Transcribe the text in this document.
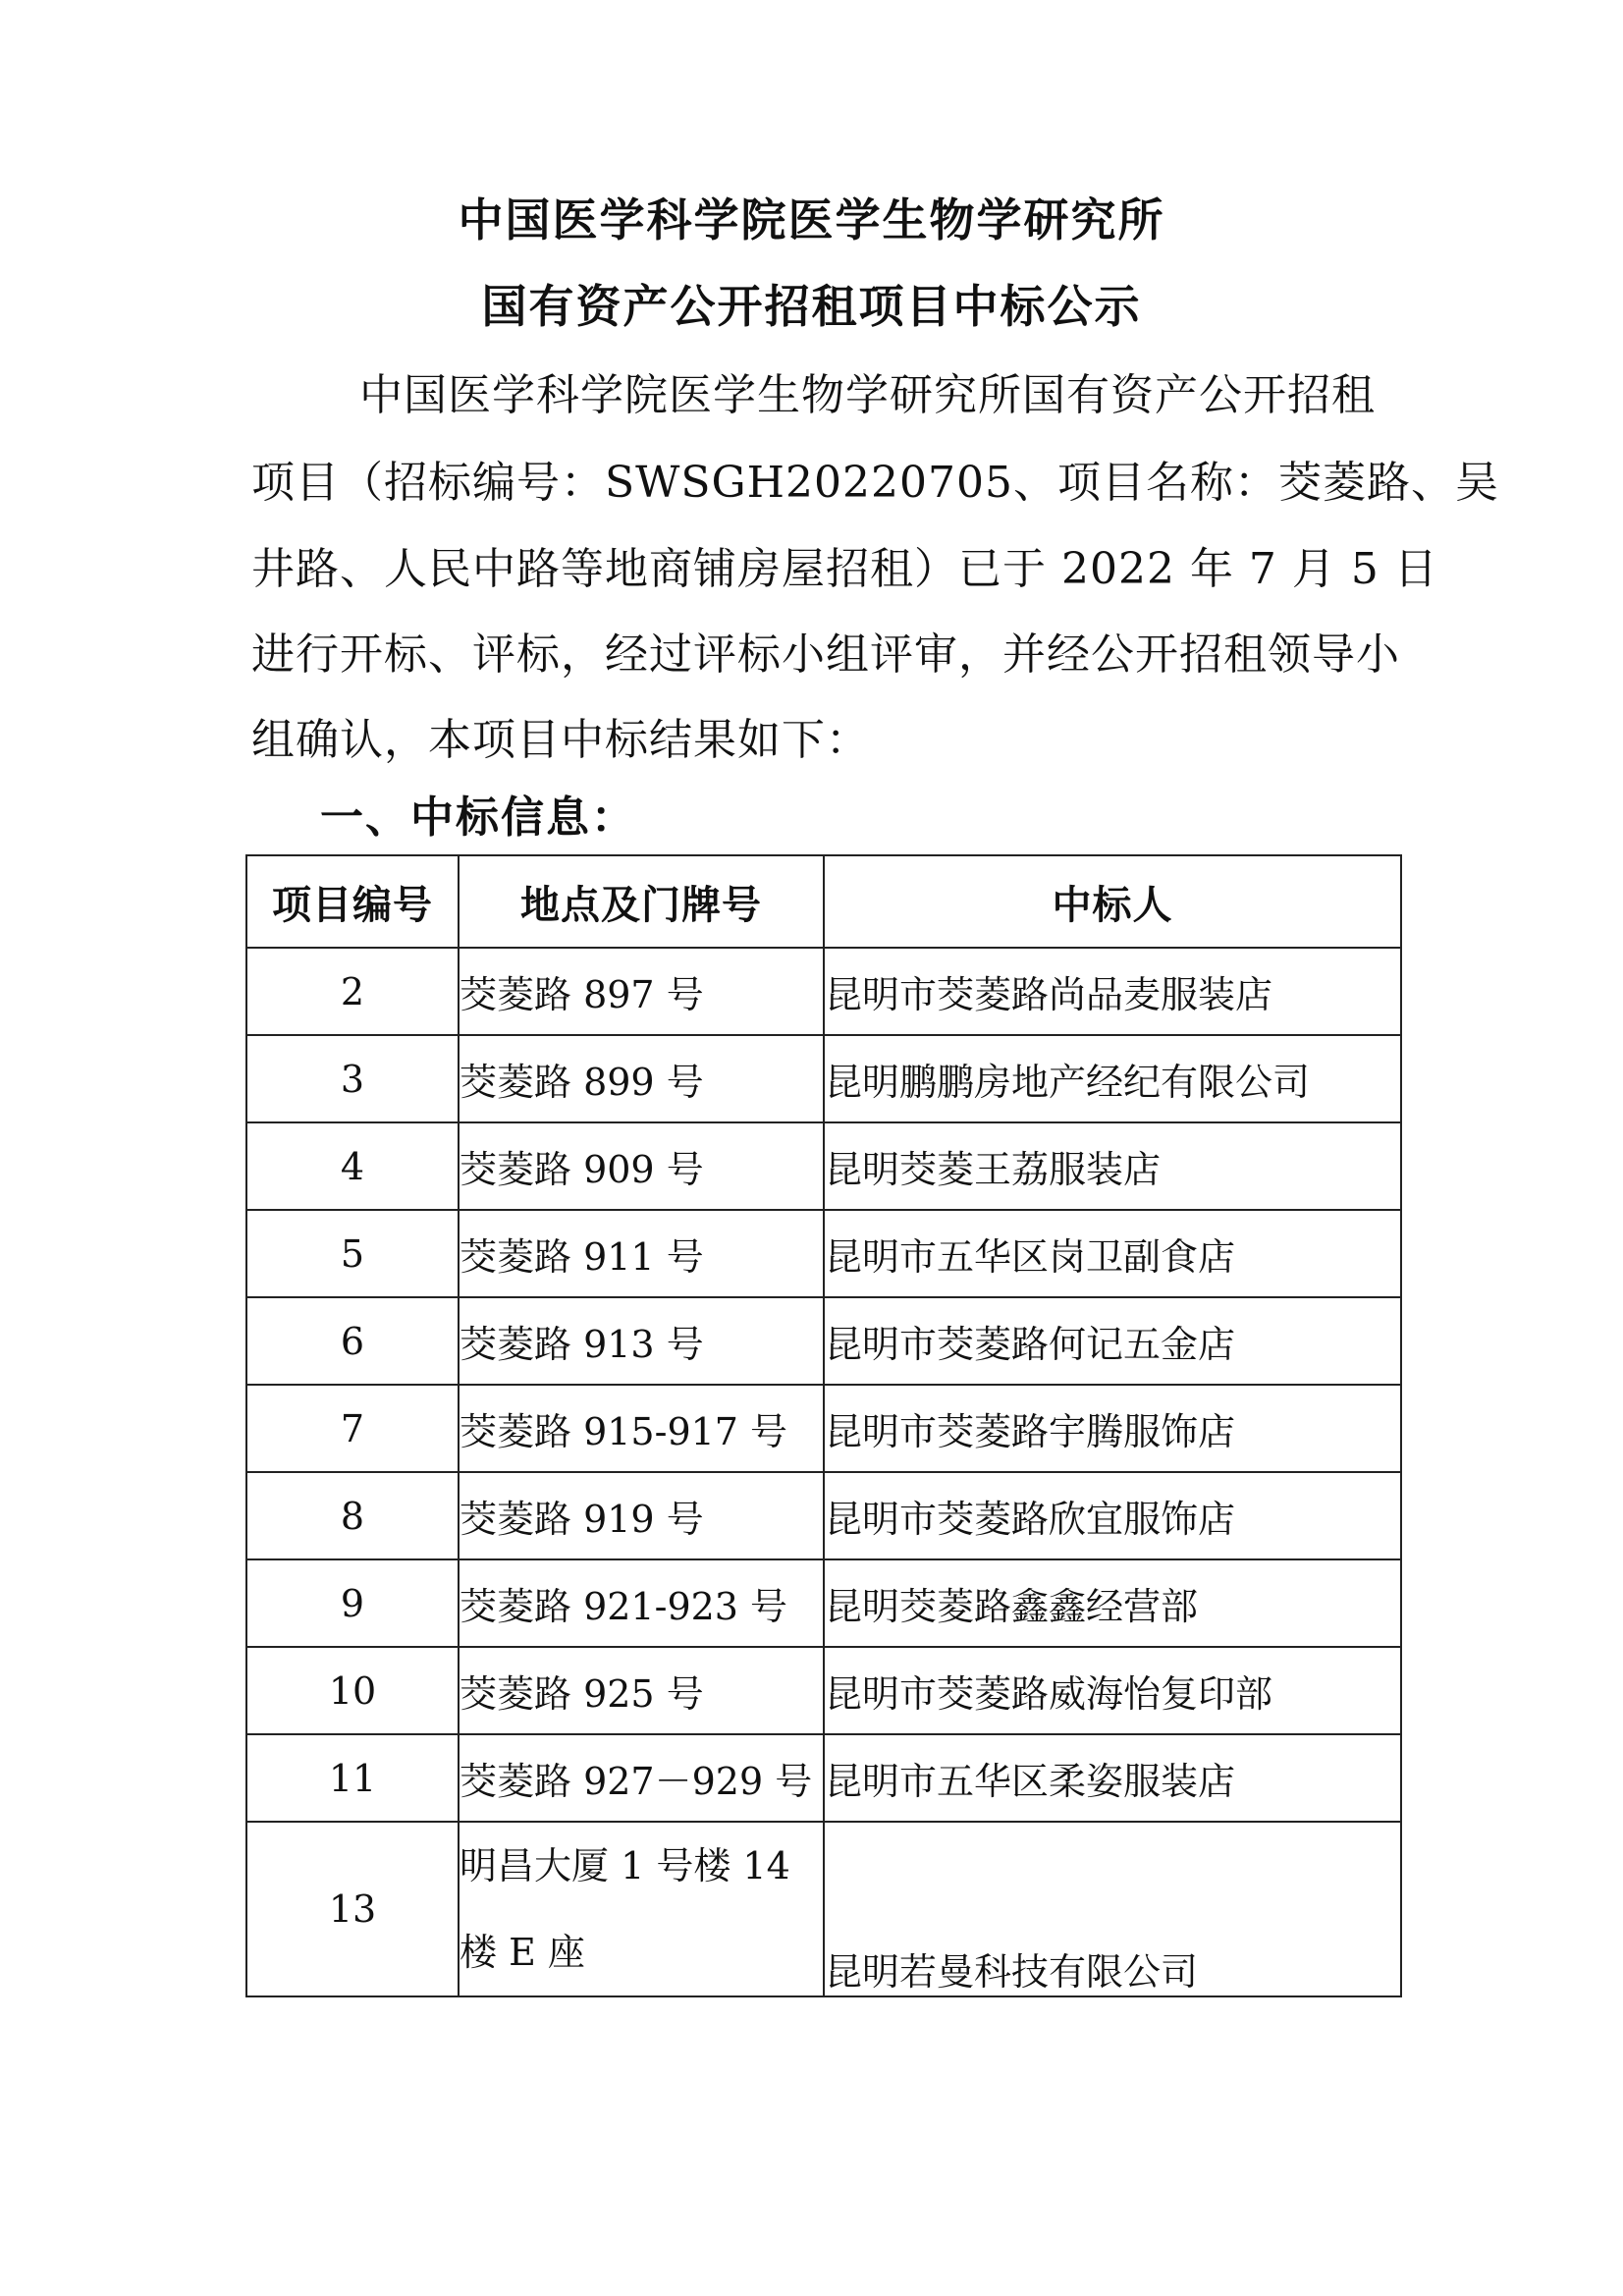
中国医学科学院医学生物学研究所
国有资产公开招租项目中标公示
中国医学科学院医学生物学研究所国有资产公开招租
项目（招标编号：SWSGH20220705、项目名称：茭菱路、吴
井路、人民中路等地商铺房屋招租）已于 2022 年 7 月 5 日
进行开标、评标，经过评标小组评审，并经公开招租领导小
组确认，本项目中标结果如下：
一、中标信息：
项目编号	地点及门牌号	中标人
2	茭菱路 897 号	昆明市茭菱路尚品麦服装店
3	茭菱路 899 号	昆明鹏鹏房地产经纪有限公司
4	茭菱路 909 号	昆明茭菱王荔服装店
5	茭菱路 911 号	昆明市五华区岗卫副食店
6	茭菱路 913 号	昆明市茭菱路何记五金店
7	茭菱路 915-917 号	昆明市茭菱路宇腾服饰店
8	茭菱路 919 号	昆明市茭菱路欣宜服饰店
9	茭菱路 921-923 号	昆明茭菱路鑫鑫经营部
10	茭菱路 925 号	昆明市茭菱路威海怡复印部
11	茭菱路 927－929 号	昆明市五华区柔姿服装店
13	明昌大厦 1 号楼 14 楼 E 座	昆明若曼科技有限公司
